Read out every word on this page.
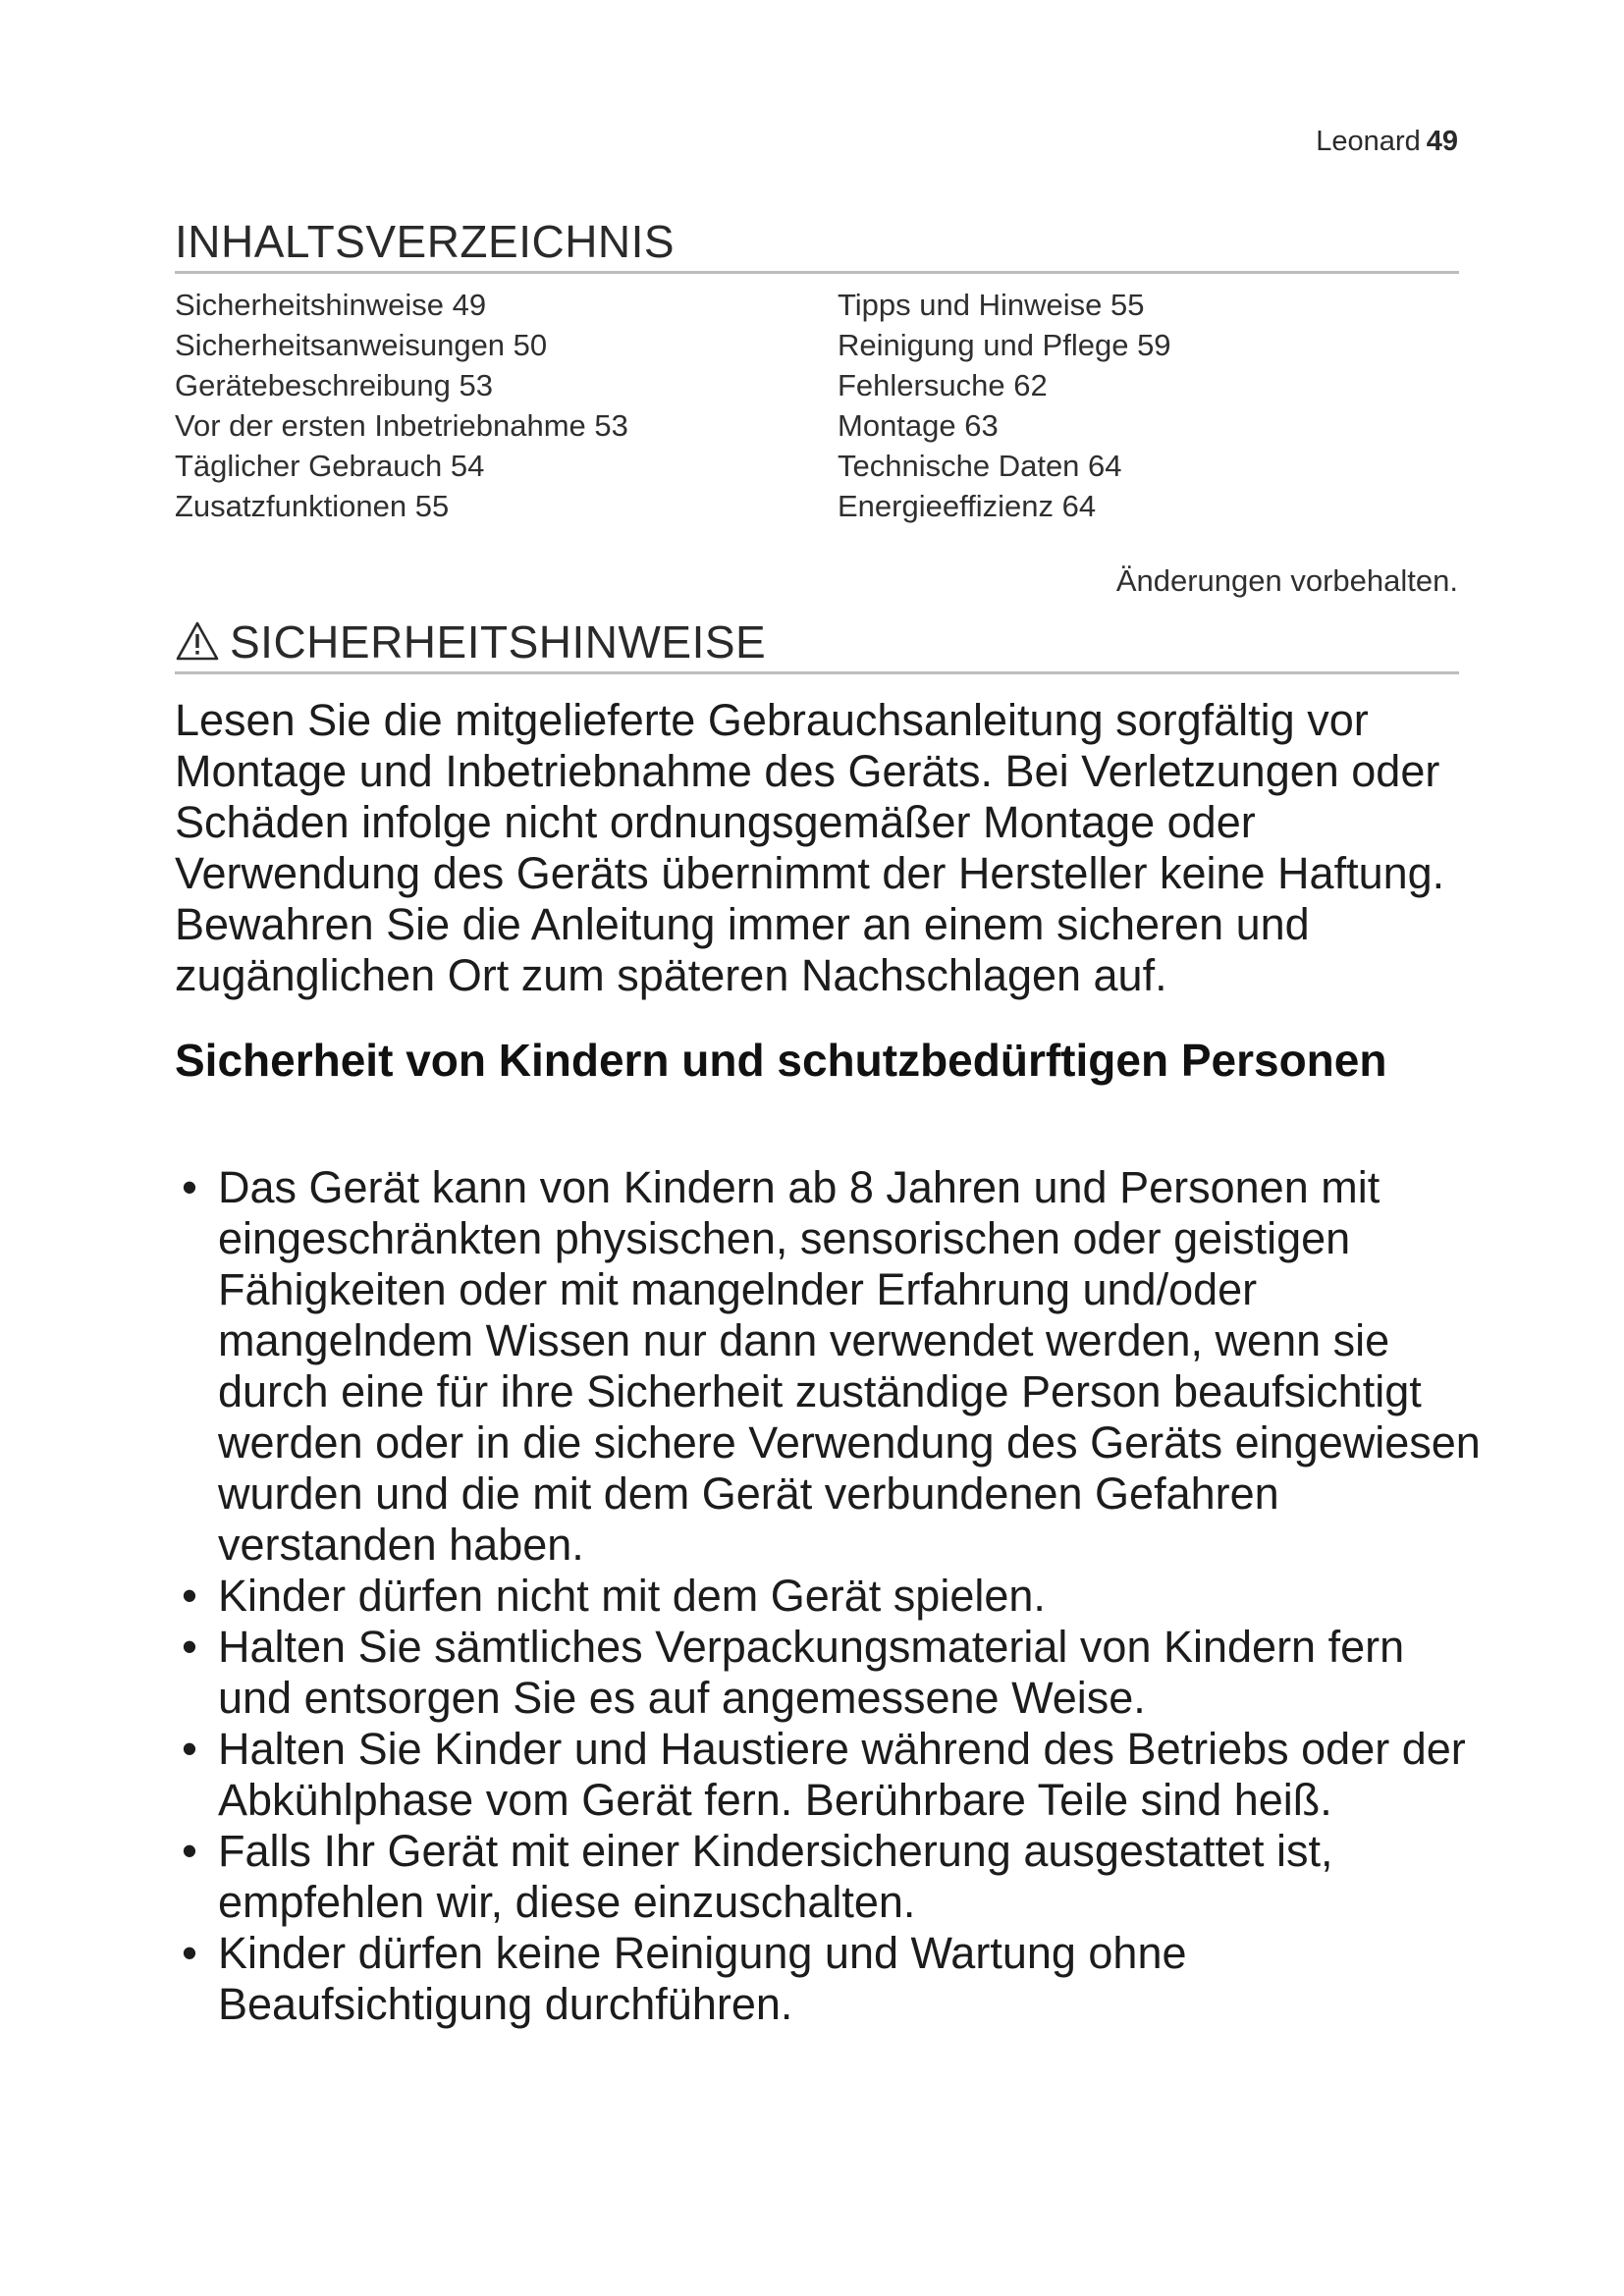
Leonard 49
INHALTSVERZEICHNIS
Sicherheitshinweise 49
Sicherheitsanweisungen 50
Gerätebeschreibung 53
Vor der ersten Inbetriebnahme 53
Täglicher Gebrauch 54
Zusatzfunktionen 55
Tipps und Hinweise 55
Reinigung und Pflege 59
Fehlersuche 62
Montage 63
Technische Daten 64
Energieeffizienz 64
Änderungen vorbehalten.
SICHERHEITSHINWEISE

Lesen Sie die mitgelieferte Gebrauchsanleitung sorgfältig vor Montage und Inbetriebnahme des Geräts. Bei Verletzungen oder Schäden infolge nicht ordnungsgemäßer Montage oder Verwendung des Geräts übernimmt der Hersteller keine Haftung. Bewahren Sie die Anleitung immer an einem sicheren und zugänglichen Ort zum späteren Nachschlagen auf.

Sicherheit von Kindern und schutzbedürftigen Personen
• Das Gerät kann von Kindern ab 8 Jahren und Personen mit eingeschränkten physischen, sensorischen oder geistigen Fähigkeiten oder mit mangelnder Erfahrung und/oder mangelndem Wissen nur dann verwendet werden, wenn sie durch eine für ihre Sicherheit zuständige Person beaufsichtigt werden oder in die sichere Verwendung des Geräts eingewiesen wurden und die mit dem Gerät verbundenen Gefahren verstanden haben.
• Kinder dürfen nicht mit dem Gerät spielen.
• Halten Sie sämtliches Verpackungsmaterial von Kindern fern und entsorgen Sie es auf angemessene Weise.
• Halten Sie Kinder und Haustiere während des Betriebs oder der Abkühlphase vom Gerät fern. Berührbare Teile sind heiß.
• Falls Ihr Gerät mit einer Kindersicherung ausgestattet ist, empfehlen wir, diese einzuschalten.
• Kinder dürfen keine Reinigung und Wartung ohne Beaufsichtigung durchführen.
